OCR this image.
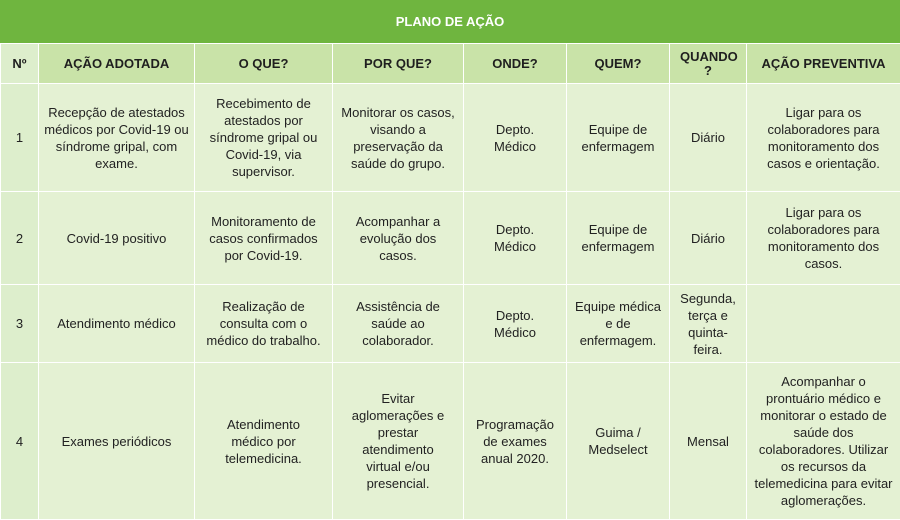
PLANO DE AÇÃO
Nº	AÇÃO ADOTADA	O QUE?	POR QUE?	ONDE?	QUEM?	QUANDO ?	AÇÃO PREVENTIVA
1	Recepção de atestados médicos por Covid-19 ou síndrome gripal, com exame.	Recebimento de atestados por síndrome gripal ou Covid-19, via supervisor.	Monitorar os casos, visando a preservação da saúde do grupo.	Depto. Médico	Equipe de enfermagem	Diário	Ligar para os colaboradores para monitoramento dos casos e orientação.
2	Covid-19 positivo	Monitoramento de casos confirmados por Covid-19.	Acompanhar a evolução dos casos.	Depto. Médico	Equipe de enfermagem	Diário	Ligar para os colaboradores para monitoramento dos casos.
3	Atendimento médico	Realização de consulta com o médico do trabalho.	Assistência de saúde ao colaborador.	Depto. Médico	Equipe médica e de enfermagem.	Segunda, terça e quinta-feira.	
4	Exames periódicos	Atendimento médico por telemedicina.	Evitar aglomerações e prestar atendimento virtual e/ou presencial.	Programação de exames anual 2020.	Guima / Medselect	Mensal	Acompanhar o prontuário médico e monitorar o estado de saúde dos colaboradores. Utilizar os recursos da telemedicina para evitar aglomerações.
